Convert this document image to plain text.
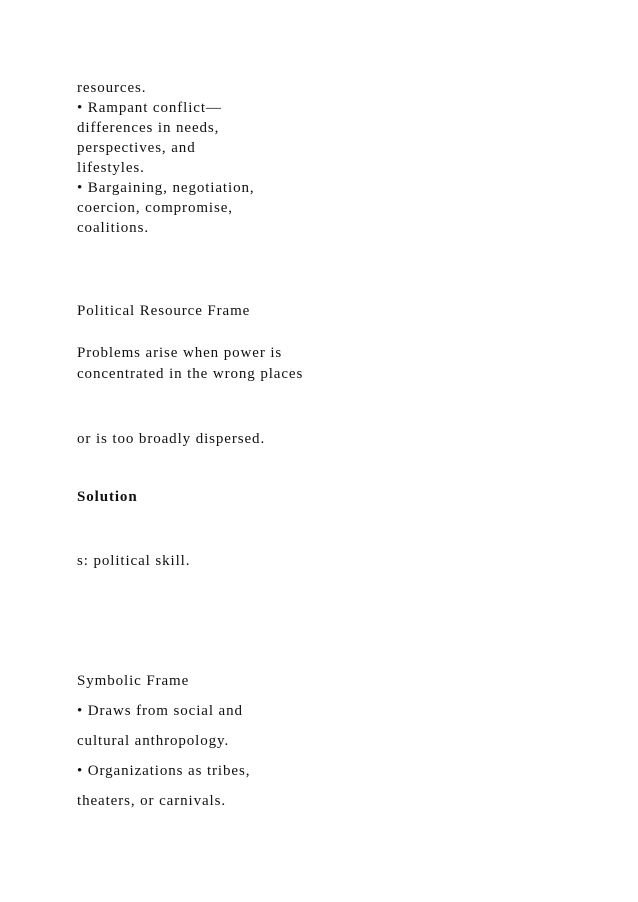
resources.
• Rampant conflict—
differences in needs,
perspectives, and
lifestyles.
• Bargaining, negotiation,
coercion, compromise,
coalitions.
Political Resource Frame
Problems arise when power is
concentrated in the wrong places
or is too broadly dispersed.
Solution
s: political skill.
Symbolic Frame
• Draws from social and
cultural anthropology.
• Organizations as tribes,
theaters, or carnivals.
